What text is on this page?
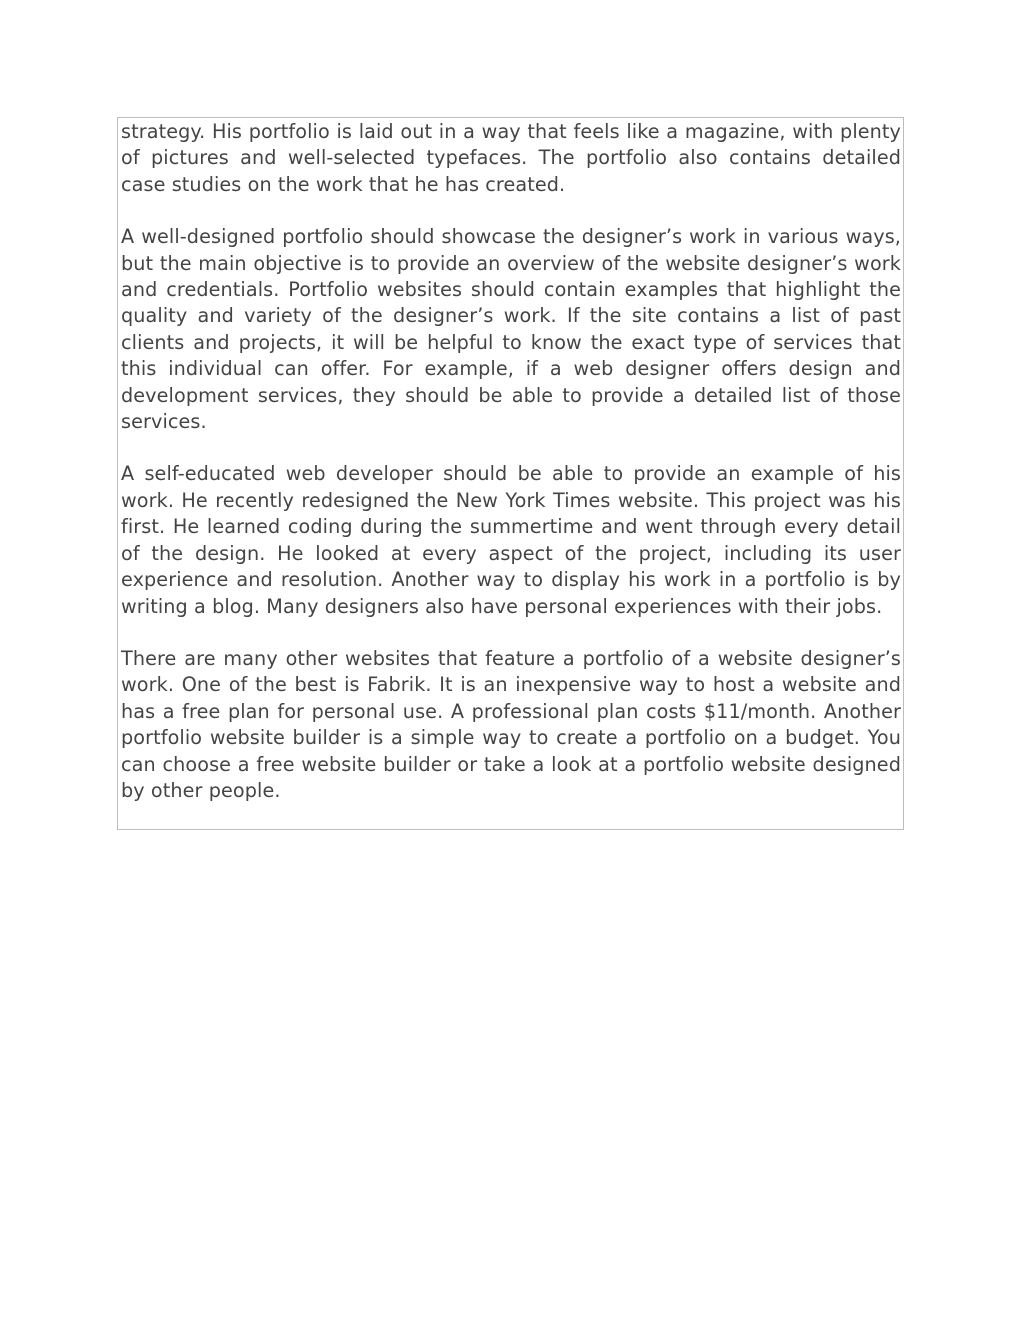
strategy. His portfolio is laid out in a way that feels like a magazine, with plenty of pictures and well-selected typefaces. The portfolio also contains detailed case studies on the work that he has created.

A well-designed portfolio should showcase the designer’s work in various ways, but the main objective is to provide an overview of the website designer’s work and credentials. Portfolio websites should contain examples that highlight the quality and variety of the designer’s work. If the site contains a list of past clients and projects, it will be helpful to know the exact type of services that this individual can offer. For example, if a web designer offers design and development services, they should be able to provide a detailed list of those services.

A self-educated web developer should be able to provide an example of his work. He recently redesigned the New York Times website. This project was his first. He learned coding during the summertime and went through every detail of the design. He looked at every aspect of the project, including its user experience and resolution. Another way to display his work in a portfolio is by writing a blog. Many designers also have personal experiences with their jobs.

There are many other websites that feature a portfolio of a website designer’s work. One of the best is Fabrik. It is an inexpensive way to host a website and has a free plan for personal use. A professional plan costs $11/month. Another portfolio website builder is a simple way to create a portfolio on a budget. You can choose a free website builder or take a look at a portfolio website designed by other people.
